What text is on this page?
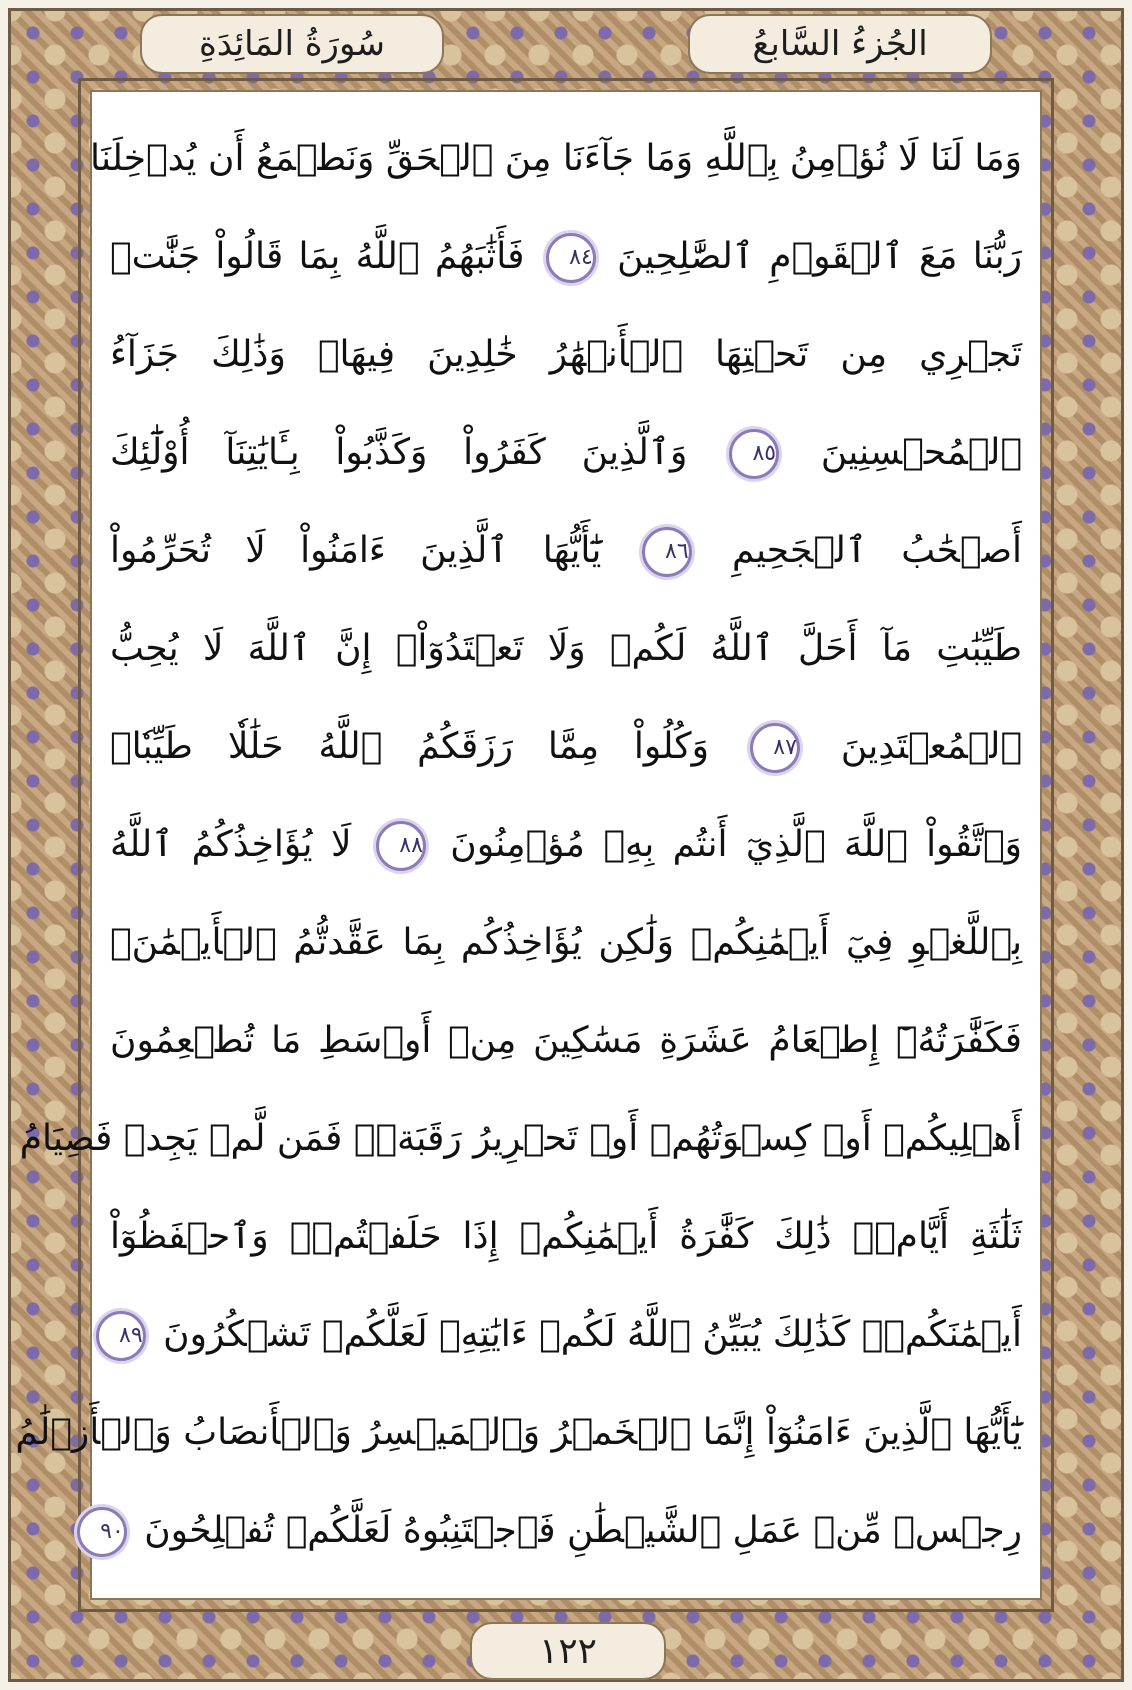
الجُزءُ السَّابعُ
سُورَةُ المَائِدَةِ
وَمَا لَنَا لَا نُؤۡمِنُ بِٱللَّهِ وَمَا جَآءَنَا مِنَ ٱلۡحَقِّ وَنَطۡمَعُ أَن يُدۡخِلَنَا
رَبُّنَا مَعَ ٱلۡقَوۡمِ ٱلصَّٰلِحِينَ ٨٤ فَأَثَٰبَهُمُ ٱللَّهُ بِمَا قَالُواْ جَنَّٰتٖ
تَجۡرِي مِن تَحۡتِهَا ٱلۡأَنۡهَٰرُ خَٰلِدِينَ فِيهَاۚ وَذَٰلِكَ جَزَآءُ
ٱلۡمُحۡسِنِينَ ٨٥ وَٱلَّذِينَ كَفَرُواْ وَكَذَّبُواْ بِـَٔايَٰتِنَآ أُوْلَٰٓئِكَ
أَصۡحَٰبُ ٱلۡجَحِيمِ ٨٦ يَٰٓأَيُّهَا ٱلَّذِينَ ءَامَنُواْ لَا تُحَرِّمُواْ
طَيِّبَٰتِ مَآ أَحَلَّ ٱللَّهُ لَكُمۡ وَلَا تَعۡتَدُوٓاْۚ إِنَّ ٱللَّهَ لَا يُحِبُّ
ٱلۡمُعۡتَدِينَ ٨٧ وَكُلُواْ مِمَّا رَزَقَكُمُ ٱللَّهُ حَلَٰلٗا طَيِّبٗاۚ
وَٱتَّقُواْ ٱللَّهَ ٱلَّذِيٓ أَنتُم بِهِۦ مُؤۡمِنُونَ ٨٨ لَا يُؤَاخِذُكُمُ ٱللَّهُ
بِٱللَّغۡوِ فِيٓ أَيۡمَٰنِكُمۡ وَلَٰكِن يُؤَاخِذُكُم بِمَا عَقَّدتُّمُ ٱلۡأَيۡمَٰنَۖ
فَكَفَّٰرَتُهُۥٓ إِطۡعَامُ عَشَرَةِ مَسَٰكِينَ مِنۡ أَوۡسَطِ مَا تُطۡعِمُونَ
أَهۡلِيكُمۡ أَوۡ كِسۡوَتُهُمۡ أَوۡ تَحۡرِيرُ رَقَبَةٖۖ فَمَن لَّمۡ يَجِدۡ فَصِيَامُ
ثَلَٰثَةِ أَيَّامٖۚ ذَٰلِكَ كَفَّٰرَةُ أَيۡمَٰنِكُمۡ إِذَا حَلَفۡتُمۡۚ وَٱحۡفَظُوٓاْ
أَيۡمَٰنَكُمۡۚ كَذَٰلِكَ يُبَيِّنُ ٱللَّهُ لَكُمۡ ءَايَٰتِهِۦ لَعَلَّكُمۡ تَشۡكُرُونَ ٨٩
يَٰٓأَيُّهَا ٱلَّذِينَ ءَامَنُوٓاْ إِنَّمَا ٱلۡخَمۡرُ وَٱلۡمَيۡسِرُ وَٱلۡأَنصَابُ وَٱلۡأَزۡلَٰمُ
رِجۡسٞ مِّنۡ عَمَلِ ٱلشَّيۡطَٰنِ فَٱجۡتَنِبُوهُ لَعَلَّكُمۡ تُفۡلِحُونَ ٩٠
١٢٢
